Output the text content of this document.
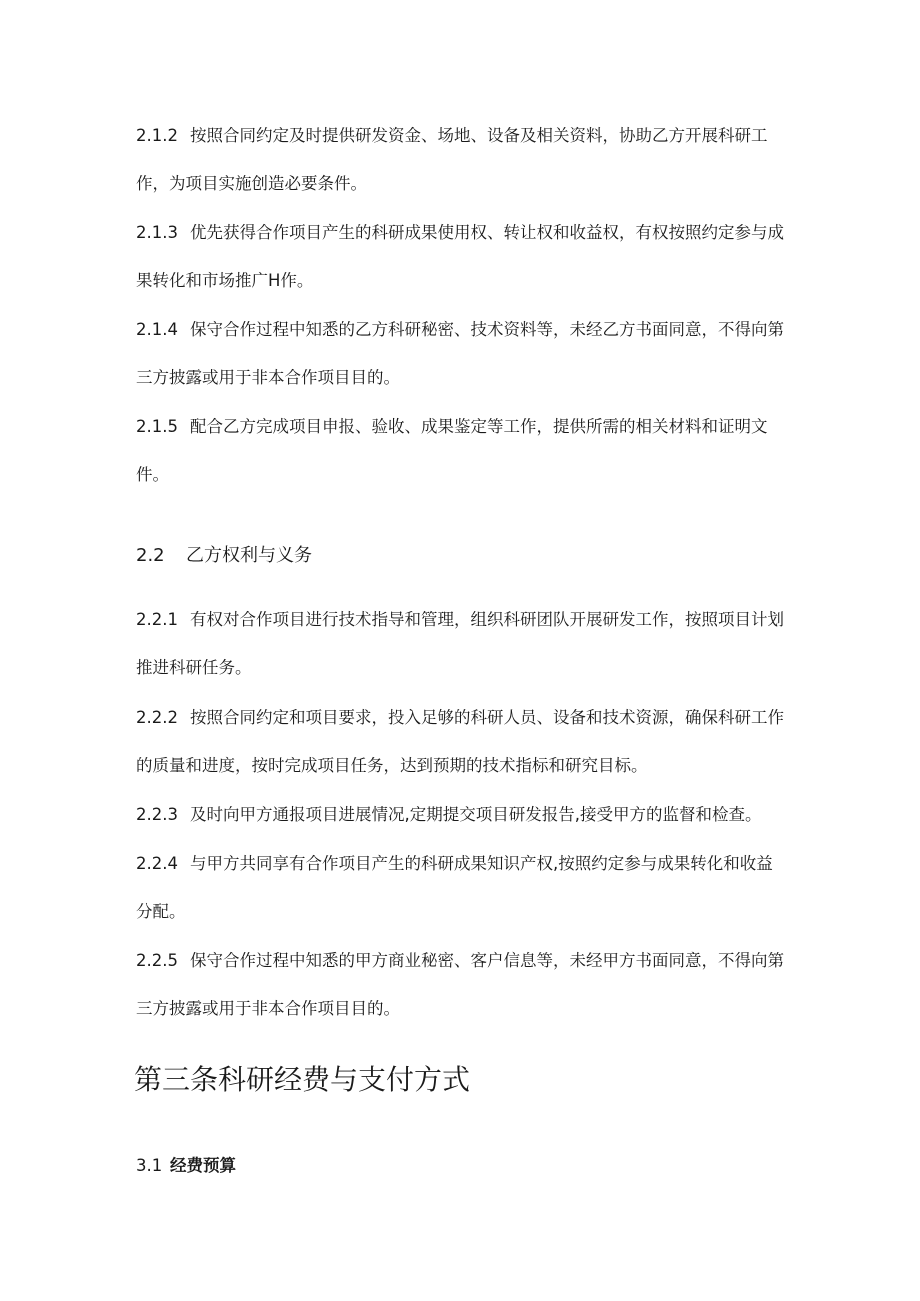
2.1.2 按照合同约定及时提供研发资金、场地、设备及相关资料，协助乙方开展科研工作，为项目实施创造必要条件。

2.1.3 优先获得合作项目产生的科研成果使用权、转让权和收益权，有权按照约定参与成果转化和市场推广H作。

2.1.4 保守合作过程中知悉的乙方科研秘密、技术资料等，未经乙方书面同意，不得向第三方披露或用于非本合作项目目的。

2.1.5 配合乙方完成项目申报、验收、成果鉴定等工作，提供所需的相关材料和证明文件。

2.2 乙方权利与义务

2.2.1 有权对合作项目进行技术指导和管理，组织科研团队开展研发工作，按照项目计划推进科研任务。

2.2.2 按照合同约定和项目要求，投入足够的科研人员、设备和技术资源，确保科研工作的质量和进度，按时完成项目任务，达到预期的技术指标和研究目标。

2.2.3 及时向甲方通报项目进展情况,定期提交项目研发报告,接受甲方的监督和检查。

2.2.4 与甲方共同享有合作项目产生的科研成果知识产权,按照约定参与成果转化和收益分配。

2.2.5 保守合作过程中知悉的甲方商业秘密、客户信息等，未经甲方书面同意，不得向第三方披露或用于非本合作项目目的。

第三条科研经费与支付方式
3.1 经费预算
